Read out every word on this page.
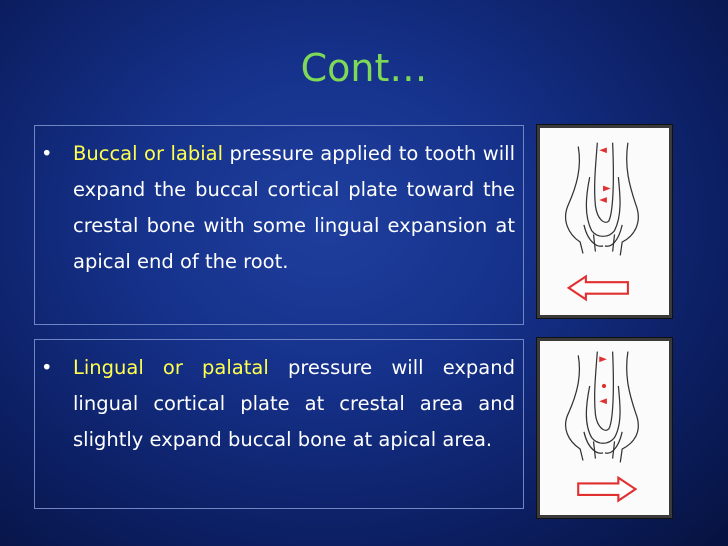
Cont…
• Buccal or labial pressure applied to tooth will expand the buccal cortical plate toward the crestal bone with some lingual expansion at apical end of the root.
• Lingual or palatal pressure will expand lingual cortical plate at crestal area and slightly expand buccal bone at apical area.
